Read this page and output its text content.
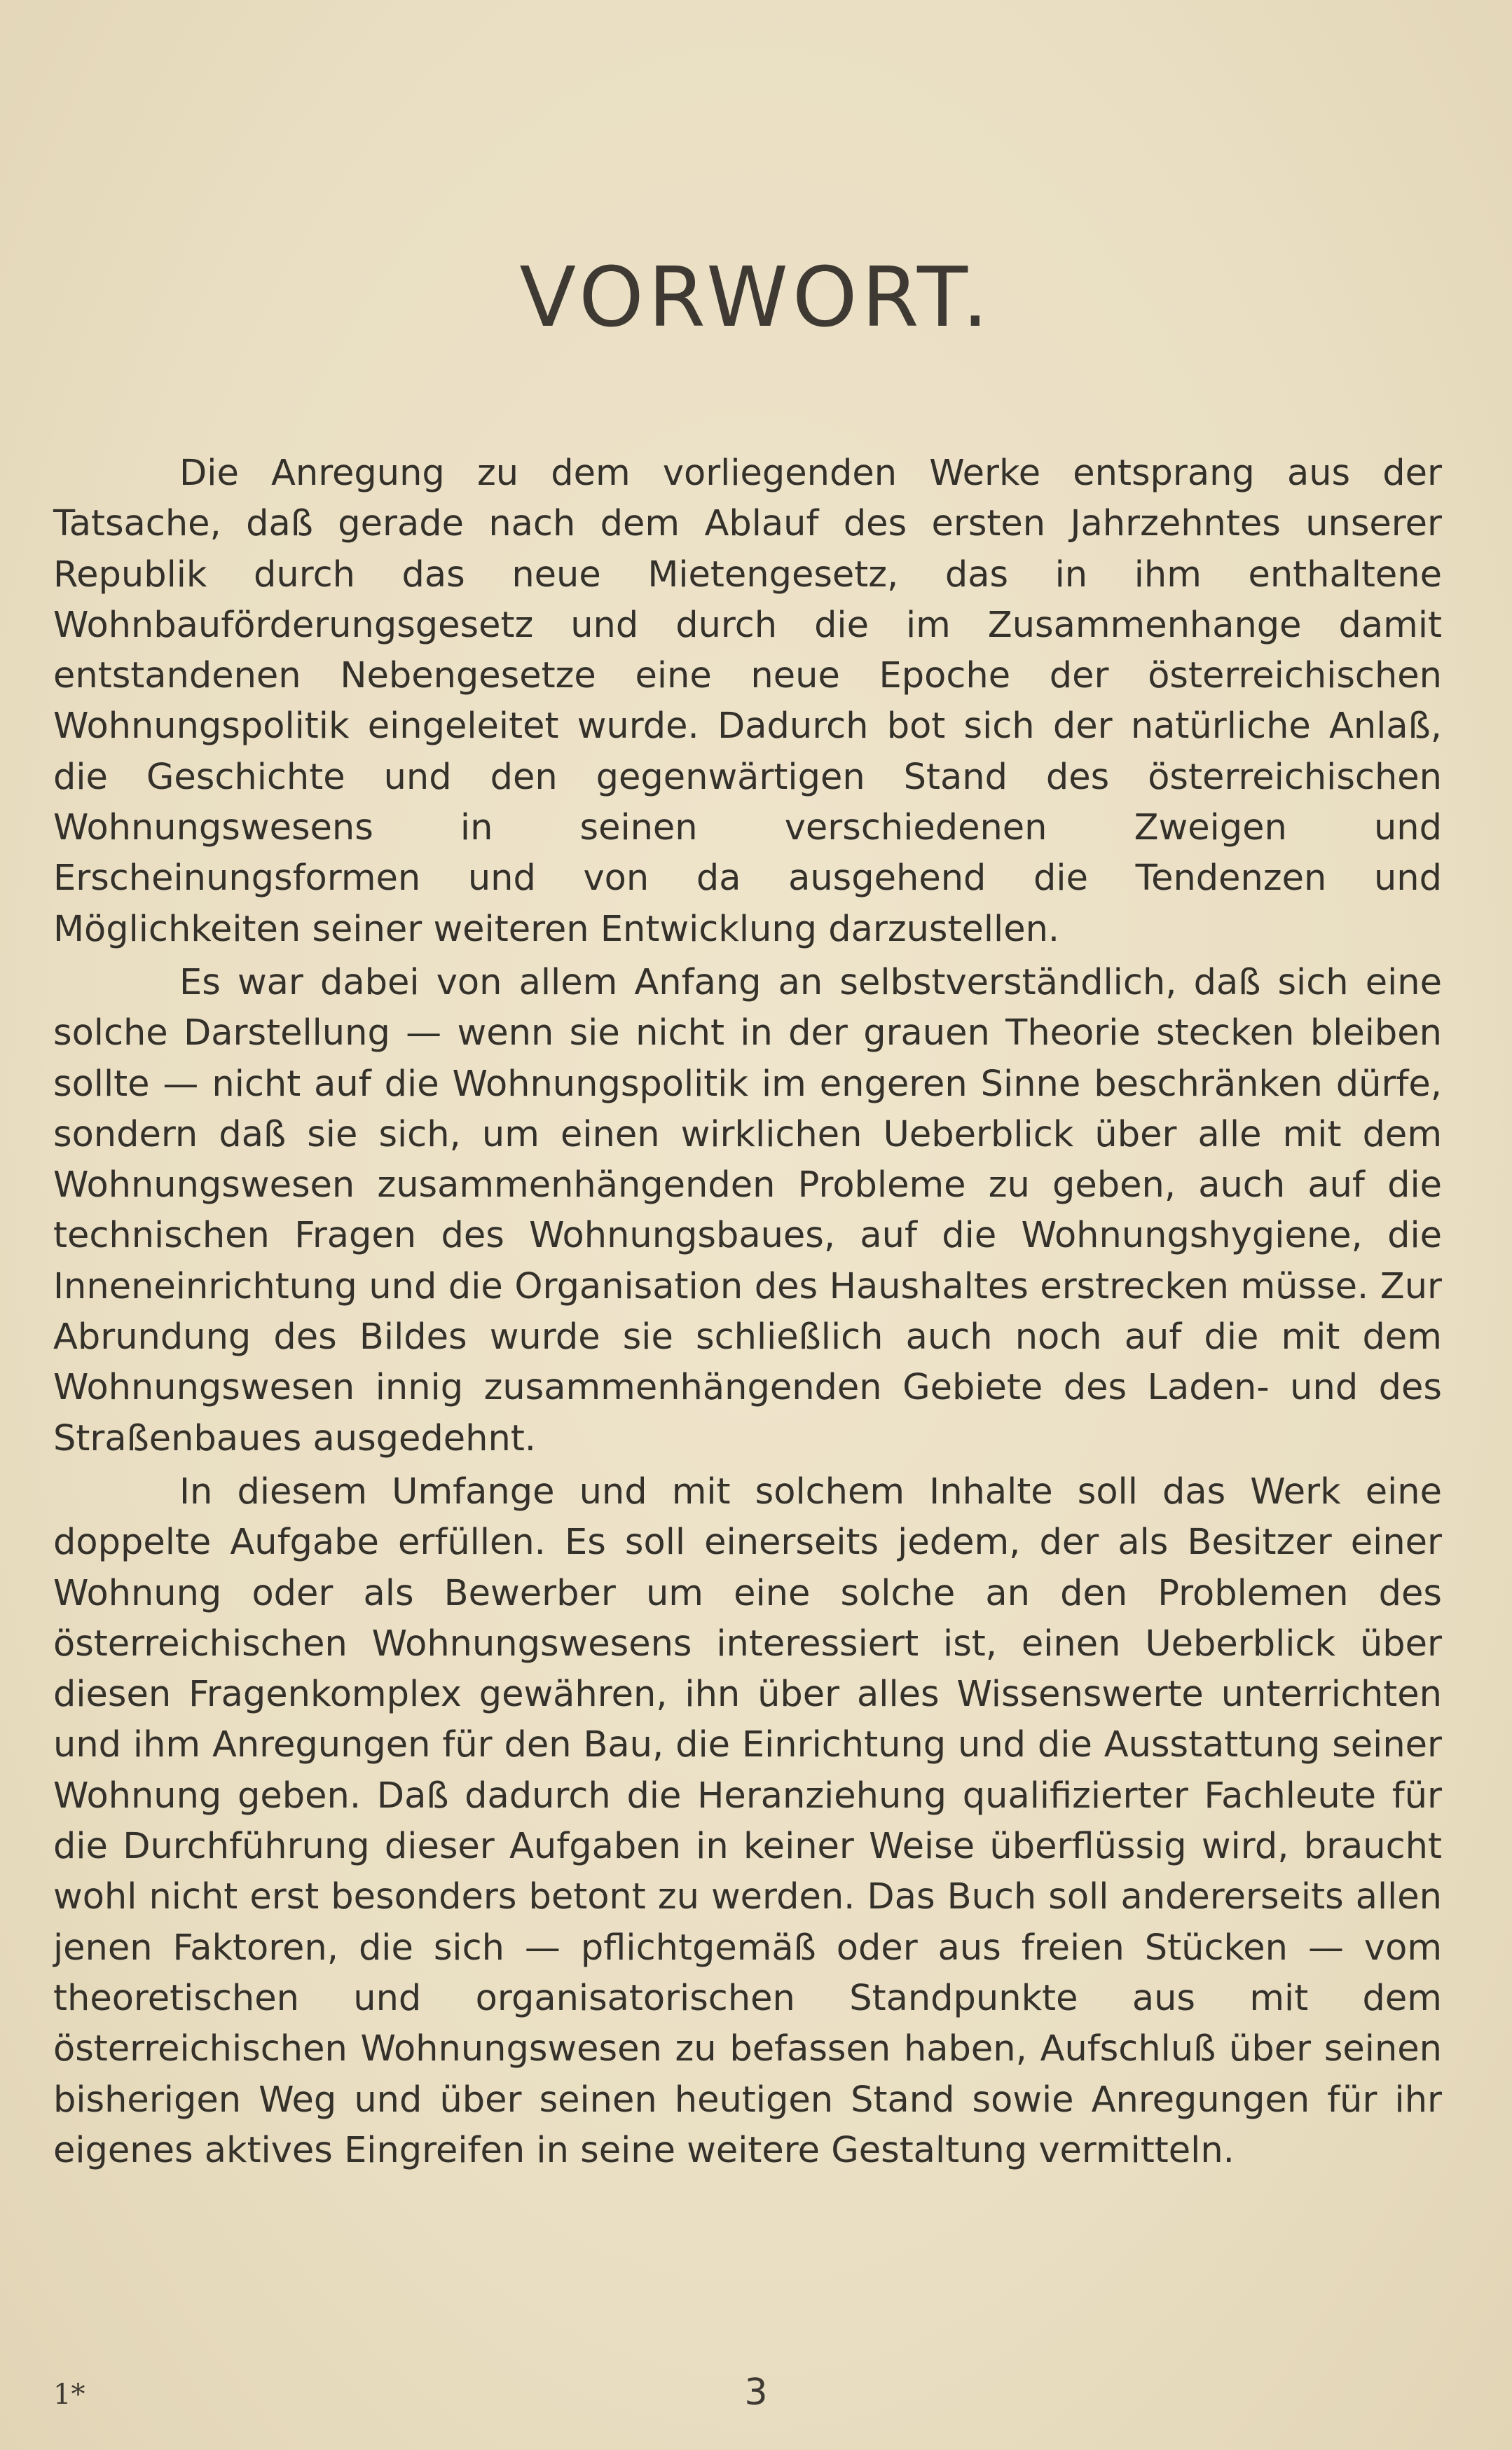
VORWORT.

Die Anregung zu dem vorliegenden Werke entsprang aus der Tatsache, daß gerade nach dem Ablauf des ersten Jahrzehntes unserer Republik durch das neue Mietengesetz, das in ihm enthaltene Wohnbauförderungsgesetz und durch die im Zusammenhange damit entstandenen Nebengesetze eine neue Epoche der österreichischen Wohnungspolitik eingeleitet wurde. Dadurch bot sich der natürliche Anlaß, die Geschichte und den gegenwärtigen Stand des österreichischen Wohnungswesens in seinen verschiedenen Zweigen und Erscheinungsformen und von da ausgehend die Tendenzen und Möglichkeiten seiner weiteren Entwicklung darzustellen.

Es war dabei von allem Anfang an selbstverständlich, daß sich eine solche Darstellung — wenn sie nicht in der grauen Theorie stecken bleiben sollte — nicht auf die Wohnungspolitik im engeren Sinne beschränken dürfe, sondern daß sie sich, um einen wirklichen Ueberblick über alle mit dem Wohnungswesen zusammenhängenden Probleme zu geben, auch auf die technischen Fragen des Wohnungsbaues, auf die Wohnungshygiene, die Inneneinrichtung und die Organisation des Haushaltes erstrecken müsse. Zur Abrundung des Bildes wurde sie schließlich auch noch auf die mit dem Wohnungswesen innig zusammenhängenden Gebiete des Laden- und des Straßenbaues ausgedehnt.

In diesem Umfange und mit solchem Inhalte soll das Werk eine doppelte Aufgabe erfüllen. Es soll einerseits jedem, der als Besitzer einer Wohnung oder als Bewerber um eine solche an den Problemen des österreichischen Wohnungswesens interessiert ist, einen Ueberblick über diesen Fragenkomplex gewähren, ihn über alles Wissenswerte unterrichten und ihm Anregungen für den Bau, die Einrichtung und die Ausstattung seiner Wohnung geben. Daß dadurch die Heranziehung qualifizierter Fachleute für die Durchführung dieser Aufgaben in keiner Weise überflüssig wird, braucht wohl nicht erst besonders betont zu werden. Das Buch soll andererseits allen jenen Faktoren, die sich — pflichtgemäß oder aus freien Stücken — vom theoretischen und organisatorischen Standpunkte aus mit dem österreichischen Wohnungswesen zu befassen haben, Aufschluß über seinen bisherigen Weg und über seinen heutigen Stand sowie Anregungen für ihr eigenes aktives Eingreifen in seine weitere Gestaltung vermitteln.

1*	3
